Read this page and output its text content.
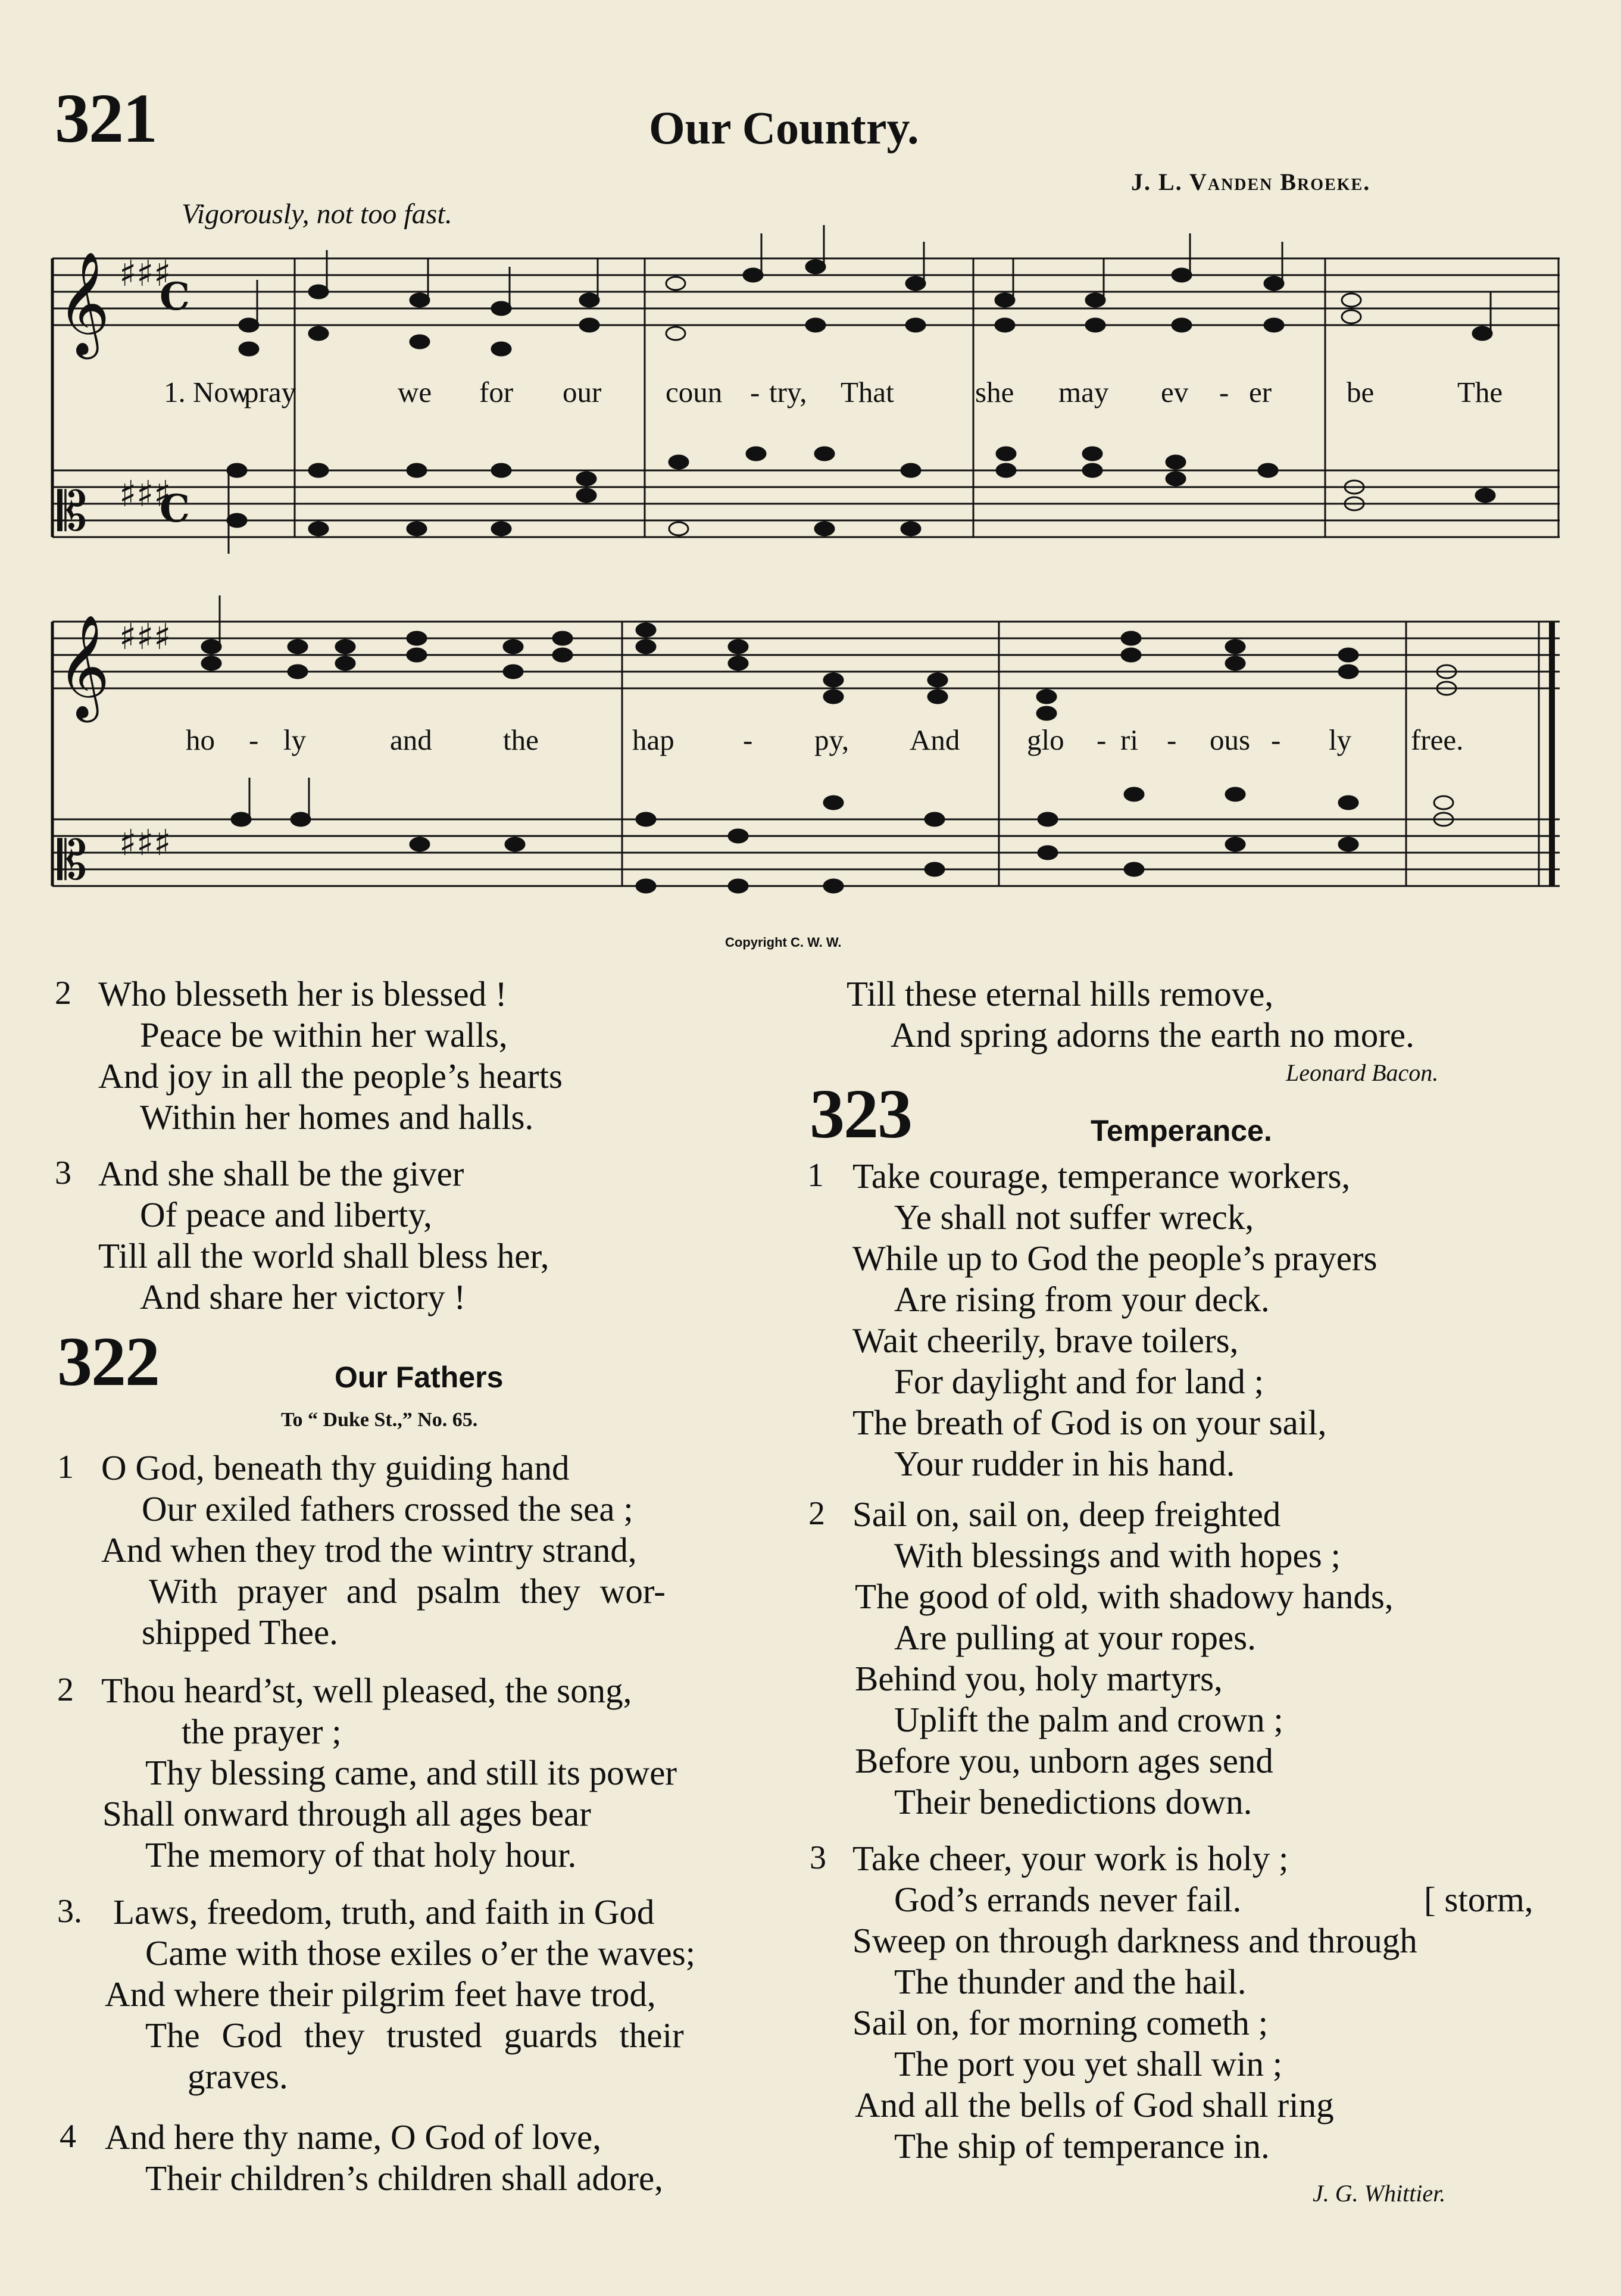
321	Our Country.
J. L. Vanden Broeke.
Vigorously, not too fast.
𝄞
𝄞
𝄡
𝄡
♯♯♯
♯♯♯
♯♯♯
♯♯♯
C
C
1. Now
pray	we for our coun - try, That	she may ev - er	be	The
ho - ly	and the	hap - py, And glo - ri - ous - ly free.
Copyright C. W. W.
2 Who blesseth her is blessed !
Peace be within her walls,
And joy in all the people’s hearts
Within her homes and halls.
3 And she shall be the giver
Of peace and liberty,
Till all the world shall bless her,
And share her victory !
322	Our Fathers
To “ Duke St.,” No. 65.
1 O God, beneath thy guiding hand
Our exiled fathers crossed the sea ;
And when they trod the wintry strand,
With prayer and psalm they wor-
shipped Thee.
2 Thou heard’st, well pleased, the song,
the prayer ;
Thy blessing came, and still its power
Shall onward through all ages bear
The memory of that holy hour.
3. Laws, freedom, truth, and faith in God
Came with those exiles o’er the waves;
And where their pilgrim feet have trod,
The God they trusted guards their
graves.
4 And here thy name, O God of love,
Their children’s children shall adore,
Till these eternal hills remove,
And spring adorns the earth no more.
Leonard Bacon.
323	Temperance.
1 Take courage, temperance workers,
Ye shall not suffer wreck,
While up to God the people’s prayers
Are rising from your deck.
Wait cheerily, brave toilers,
For daylight and for land ;
The breath of God is on your sail,
Your rudder in his hand.
2 Sail on, sail on, deep freighted
With blessings and with hopes ;
The good of old, with shadowy hands,
Are pulling at your ropes.
Behind you, holy martyrs,
Uplift the palm and crown ;
Before you, unborn ages send
Their benedictions down.
3 Take cheer, your work is holy ;
God’s errands never fail.	[ storm,
Sweep on through darkness and through
The thunder and the hail.
Sail on, for morning cometh ;
The port you yet shall win ;
And all the bells of God shall ring
The ship of temperance in.
J. G. Whittier.
